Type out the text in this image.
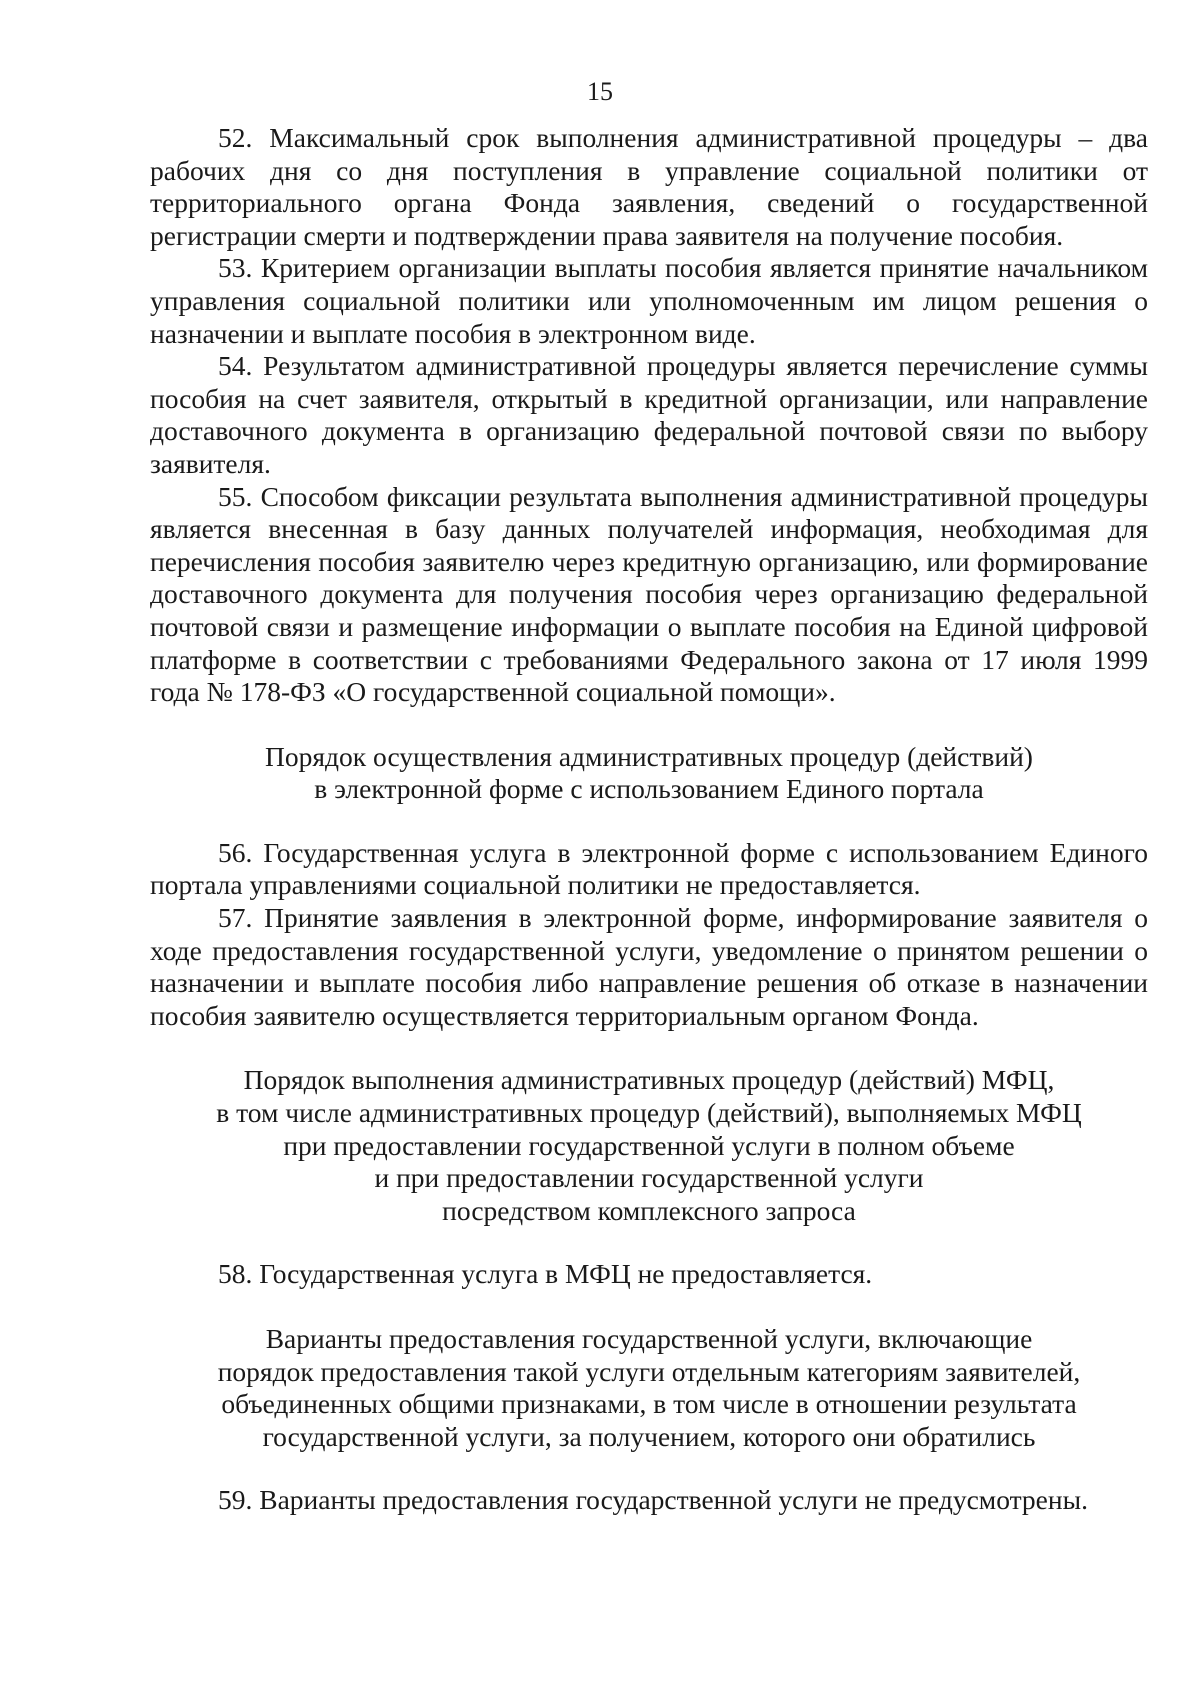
15

52. Максимальный срок выполнения административной процедуры – два рабочих дня со дня поступления в управление социальной политики от территориального органа Фонда заявления, сведений о государственной регистрации смерти и подтверждении права заявителя на получение пособия.

53. Критерием организации выплаты пособия является принятие начальником управления социальной политики или уполномоченным им лицом решения о назначении и выплате пособия в электронном виде.

54. Результатом административной процедуры является перечисление суммы пособия на счет заявителя, открытый в кредитной организации, или направление доставочного документа в организацию федеральной почтовой связи по выбору заявителя.

55. Способом фиксации результата выполнения административной процедуры является внесенная в базу данных получателей информация, необходимая для перечисления пособия заявителю через кредитную организацию, или формирование доставочного документа для получения пособия через организацию федеральной почтовой связи и размещение информации о выплате пособия на Единой цифровой платформе в соответствии с требованиями Федерального закона от 17 июля 1999 года № 178-ФЗ «О государственной социальной помощи».

Порядок осуществления административных процедур (действий)
в электронной форме с использованием Единого портала

56. Государственная услуга в электронной форме с использованием Единого портала управлениями социальной политики не предоставляется.

57. Принятие заявления в электронной форме, информирование заявителя о ходе предоставления государственной услуги, уведомление о принятом решении о назначении и выплате пособия либо направление решения об отказе в назначении пособия заявителю осуществляется территориальным органом Фонда.

Порядок выполнения административных процедур (действий) МФЦ,
в том числе административных процедур (действий), выполняемых МФЦ
при предоставлении государственной услуги в полном объеме
и при предоставлении государственной услуги
посредством комплексного запроса

58. Государственная услуга в МФЦ не предоставляется.

Варианты предоставления государственной услуги, включающие
порядок предоставления такой услуги отдельным категориям заявителей,
объединенных общими признаками, в том числе в отношении результата
государственной услуги, за получением, которого они обратились

59. Варианты предоставления государственной услуги не предусмотрены.
